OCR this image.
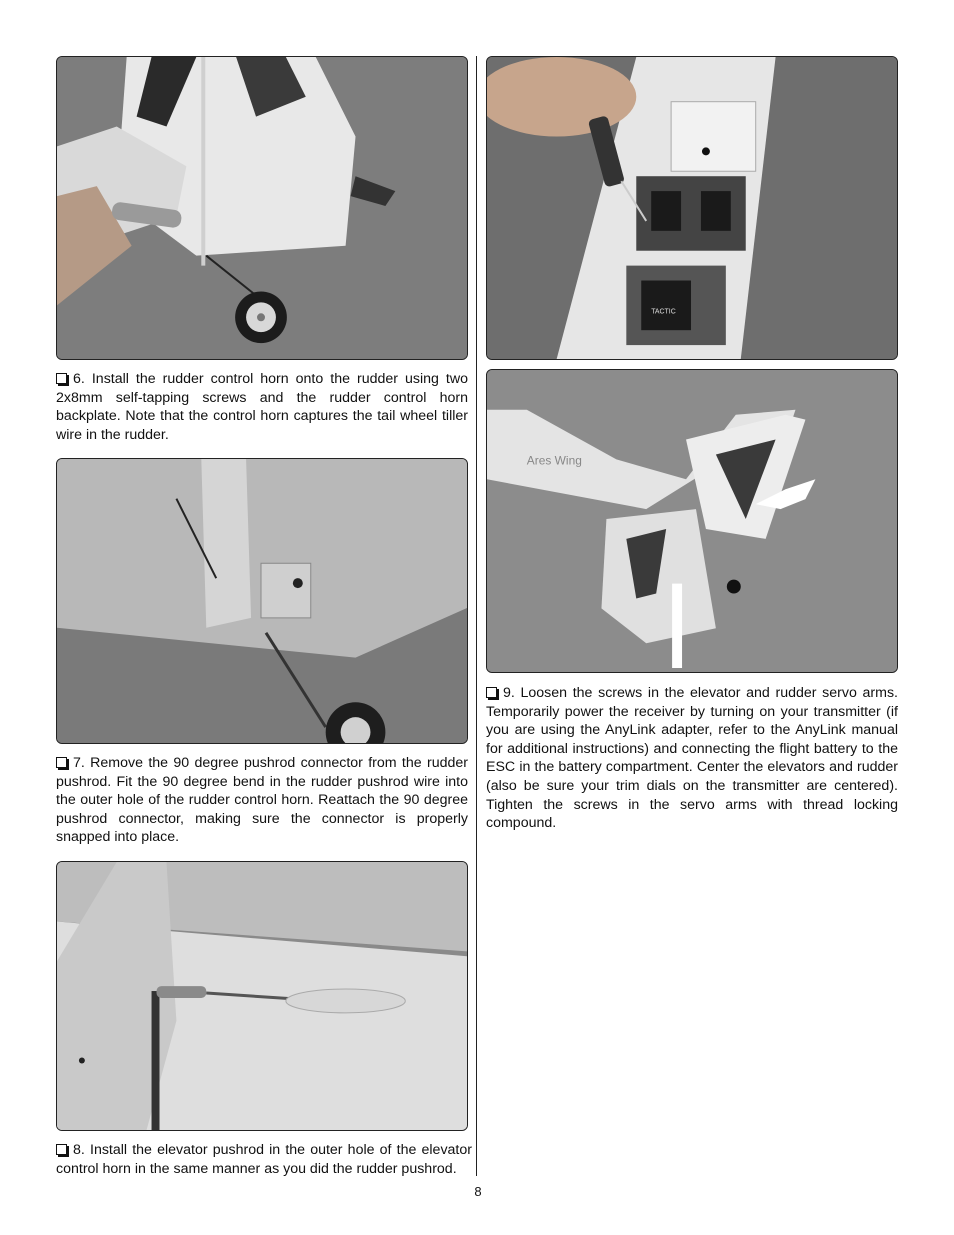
TACTIC
6. Install the rudder control horn onto the rudder using two 2x8mm self-tapping screws and the rudder control horn backplate. Note that the control horn captures the tail wheel tiller wire in the rudder.
Ares Wing
7. Remove the 90 degree pushrod connector from the rudder pushrod. Fit the 90 degree bend in the rudder pushrod wire into the outer hole of the rudder control horn. Reattach the 90 degree pushrod connector, making sure the connector is properly snapped into place.
9. Loosen the screws in the elevator and rudder servo arms. Temporarily power the receiver by turning on your transmitter (if you are using the AnyLink adapter, refer to the AnyLink manual for additional instructions) and connecting the flight battery to the ESC in the battery compartment. Center the elevators and rudder (also be sure your trim dials on the transmitter are centered). Tighten the screws in the servo arms with thread locking compound.
8. Install the elevator pushrod in the outer hole of the elevator control horn in the same manner as you did the rudder pushrod.
8
